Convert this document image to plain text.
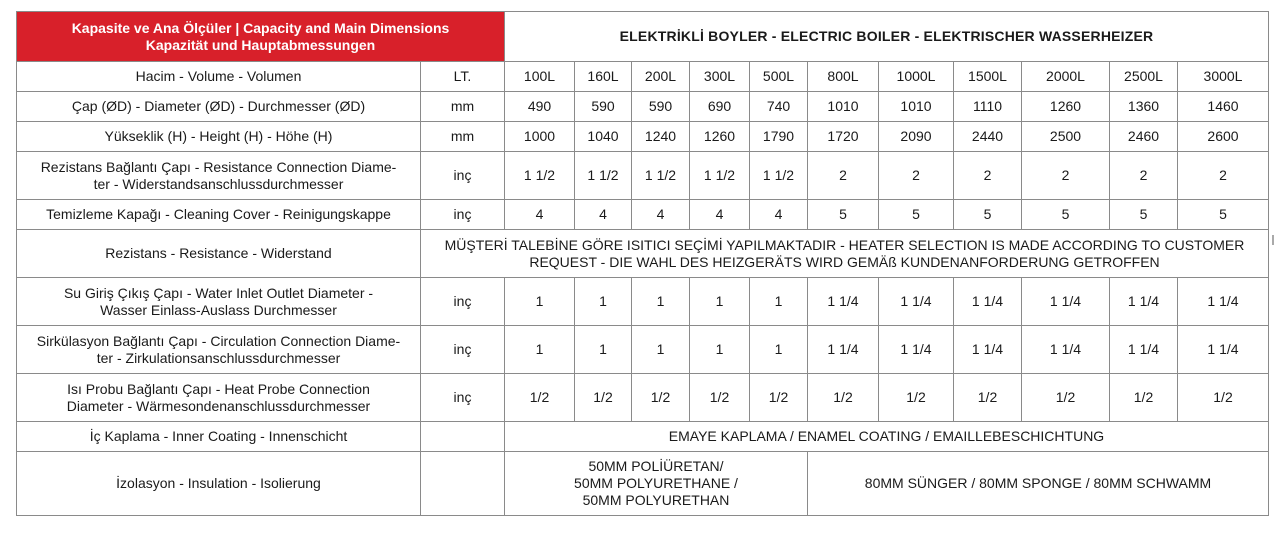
Kapasite ve Ana Ölçüler | Capacity and Main Dimensions
Kapazität und Hauptabmessungen		ELEKTRİKLİ BOYLER - ELECTRIC BOILER - ELEKTRISCHER WASSERHEIZER										
Hacim - Volume - Volumen	LT.	100L	160L	200L	300L	500L	800L	1000L	1500L	2000L	2500L	3000L
Çap (ØD) - Diameter (ØD) - Durchmesser (ØD)	mm	490	590	590	690	740	1010	1010	1110	1260	1360	1460
Yükseklik (H) - Height (H) - Höhe (H)	mm	1000	1040	1240	1260	1790	1720	2090	2440	2500	2460	2600

Rezistans Bağlantı Çapı - Resistance Connection Diame-
ter - Widerstandsanschlussdurchmesser	inç	1 1/2	1 1/2	1 1/2	1 1/2	1 1/2	2	2	2	2	2	2
Temizleme Kapağı - Cleaning Cover - Reinigungskappe	inç	4	4	4	4	4	5	5	5	5	5	5
Rezistans - Resistance - Widerstand	MÜŞTERİ TALEBİNE GÖRE ISITICI SEÇİMİ YAPILMAKTADIR - HEATER SELECTION IS MADE ACCORDING TO CUSTOMER
REQUEST - DIE WAHL DES HEIZGERÄTS WIRD GEMÄß KUNDENANFORDERUNG GETROFFEN											

Su Giriş Çıkış Çapı - Water Inlet Outlet Diameter -
Wasser Einlass-Auslass Durchmesser	inç	1	1	1	1	1	1 1/4	1 1/4	1 1/4	1 1/4	1 1/4	1 1/4

Sirkülasyon Bağlantı Çapı - Circulation Connection Diame-
ter - Zirkulationsanschlussdurchmesser	inç	1	1	1	1	1	1 1/4	1 1/4	1 1/4	1 1/4	1 1/4	1 1/4

Isı Probu Bağlantı Çapı - Heat Probe Connection
Diameter - Wärmesondenanschlussdurchmesser	inç	1/2	1/2	1/2	1/2	1/2	1/2	1/2	1/2	1/2	1/2	1/2
İç Kaplama - Inner Coating - Innenschicht		EMAYE KAPLAMA / ENAMEL COATING / EMAILLEBESCHICHTUNG										
İzolasyon - Insulation - Isolierung		50MM POLİÜRETAN/
50MM POLYURETHANE /
50MM POLYURETHAN					80MM SÜNGER / 80MM SPONGE / 80MM SCHWAMM					
